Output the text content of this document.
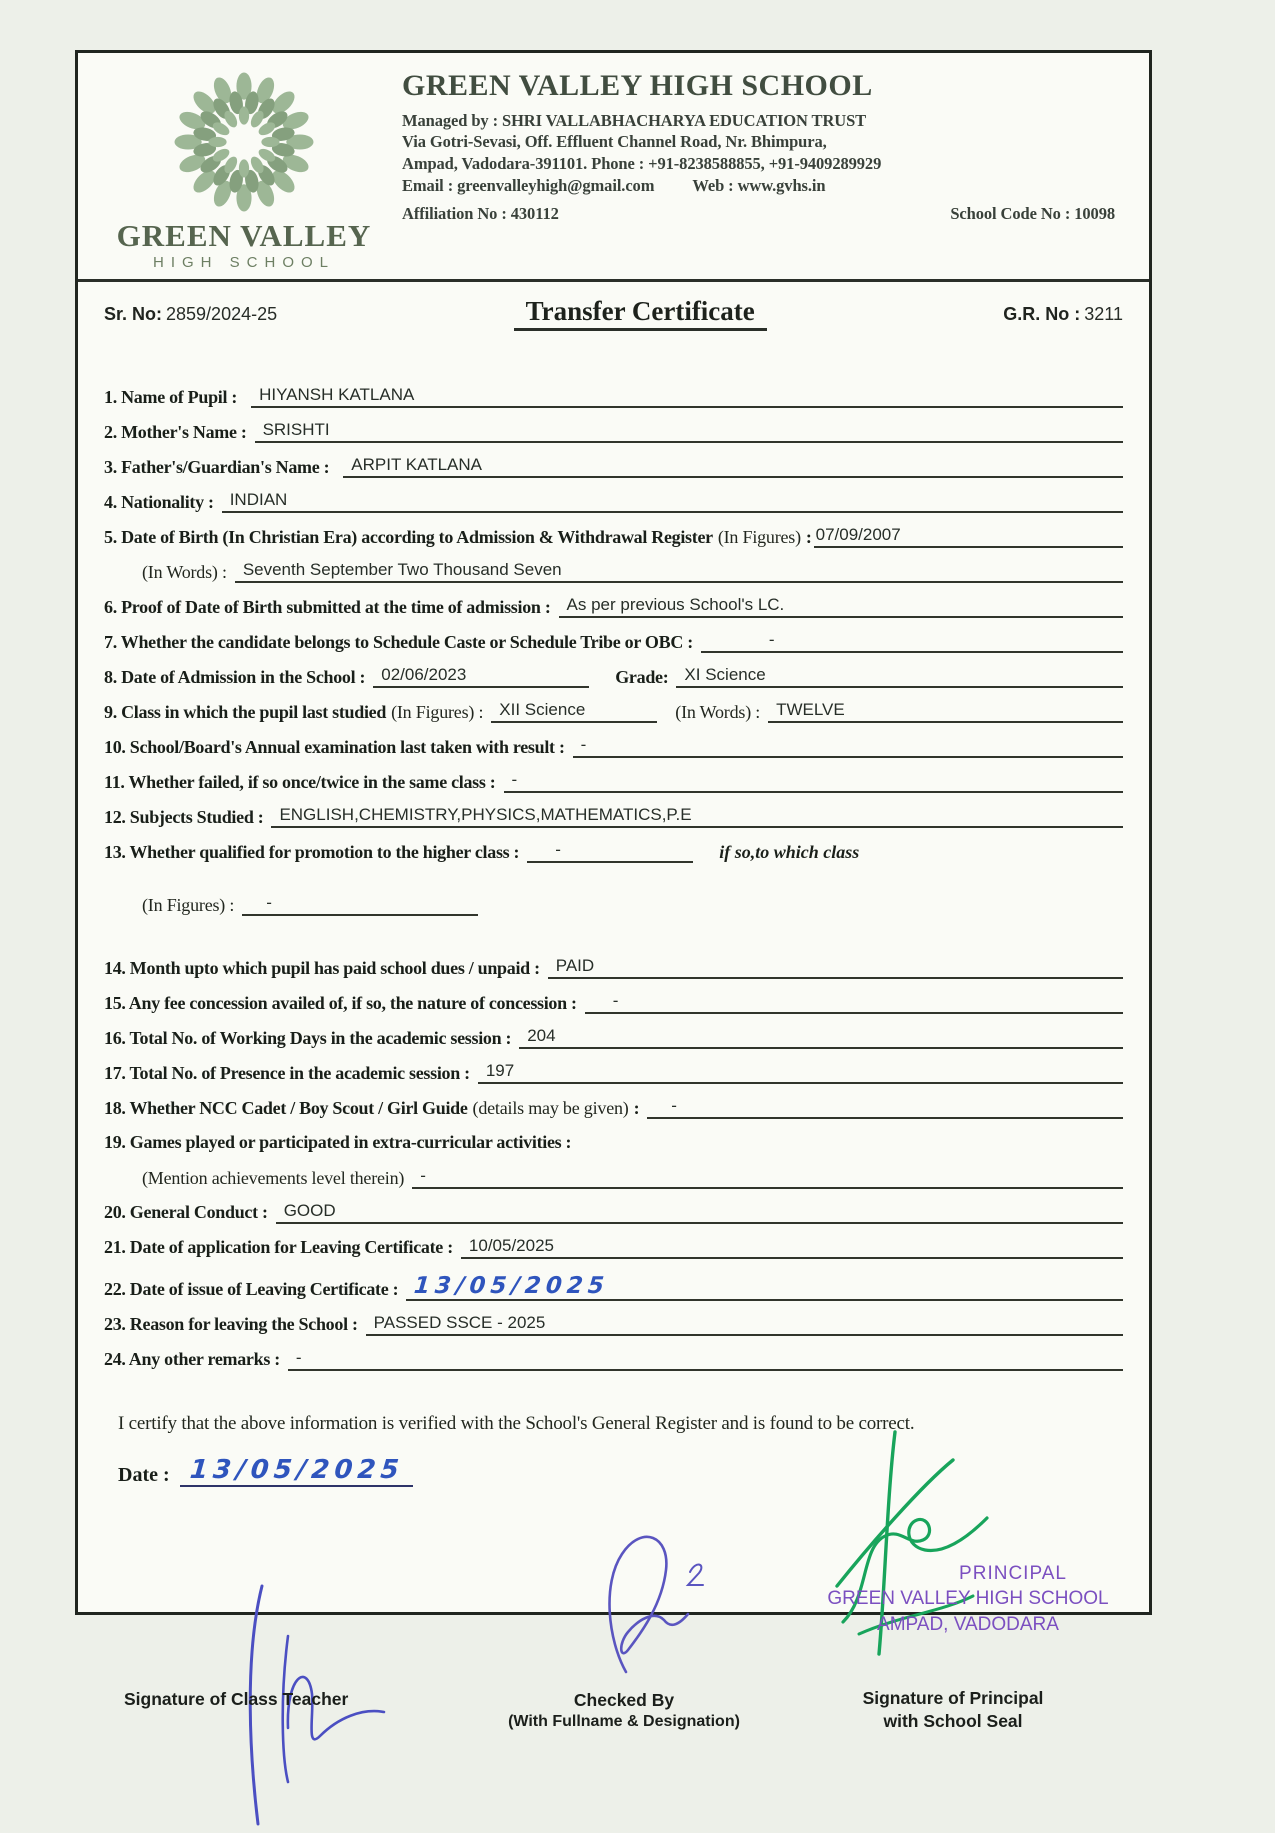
GREEN VALLEY
HIGH SCHOOL
GREEN VALLEY HIGH SCHOOL
Managed by : SHRI VALLABHACHARYA EDUCATION TRUST
Via Gotri-Sevasi, Off. Effluent Channel Road, Nr. Bhimpura,
Ampad, Vadodara-391101. Phone : +91-8238588855, +91-9409289929
Email : greenvalleyhigh@gmail.com Web : www.gvhs.in
Affiliation No : 430112	School Code No : 10098
Sr. No: 2859/2024-25	Transfer Certificate	G.R. No : 3211
1. Name of Pupil :	HIYANSH KATLANA
2. Mother's Name : SRISHTI
3. Father's/Guardian's Name :	ARPIT KATLANA
4. Nationality : INDIAN
5. Date of Birth (In Christian Era) according to Admission & Withdrawal Register (In Figures) : 07/09/2007
(In Words) : Seventh September Two Thousand Seven
6. Proof of Date of Birth submitted at the time of admission : As per previous School's LC.
7. Whether the candidate belongs to Schedule Caste or Schedule Tribe or OBC :	-
8. Date of Admission in the School : 02/06/2023	Grade: XI Science
9. Class in which the pupil last studied (In Figures) : XII Science	(In Words) : TWELVE
10. School/Board's Annual examination last taken with result : -
11. Whether failed, if so once/twice in the same class : -
12. Subjects Studied : ENGLISH,CHEMISTRY,PHYSICS,MATHEMATICS,P.E
13. Whether qualified for promotion to the higher class :	-	if so,to which class
(In Figures) :	-
14. Month upto which pupil has paid school dues / unpaid : PAID
15. Any fee concession availed of, if so, the nature of concession :	-
16. Total No. of Working Days in the academic session : 204
17. Total No. of Presence in the academic session : 197
18. Whether NCC Cadet / Boy Scout / Girl Guide (details may be given) :	-
19. Games played or participated in extra-curricular activities :
(Mention achievements level therein) -
20. General Conduct : GOOD
21. Date of application for Leaving Certificate : 10/05/2025
22. Date of issue of Leaving Certificate : 13/05/2025
23. Reason for leaving the School : PASSED SSCE - 2025
24. Any other remarks : -
I certify that the above information is verified with the School's General Register and is found to be correct.
Date : 13/05/2025
PRINCIPAL
GREEN VALLEY HIGH SCHOOL
AMPAD, VADODARA
Signature of Class Teacher	Checked By
(With Fullname & Designation)
Signature of Principal
with School Seal
